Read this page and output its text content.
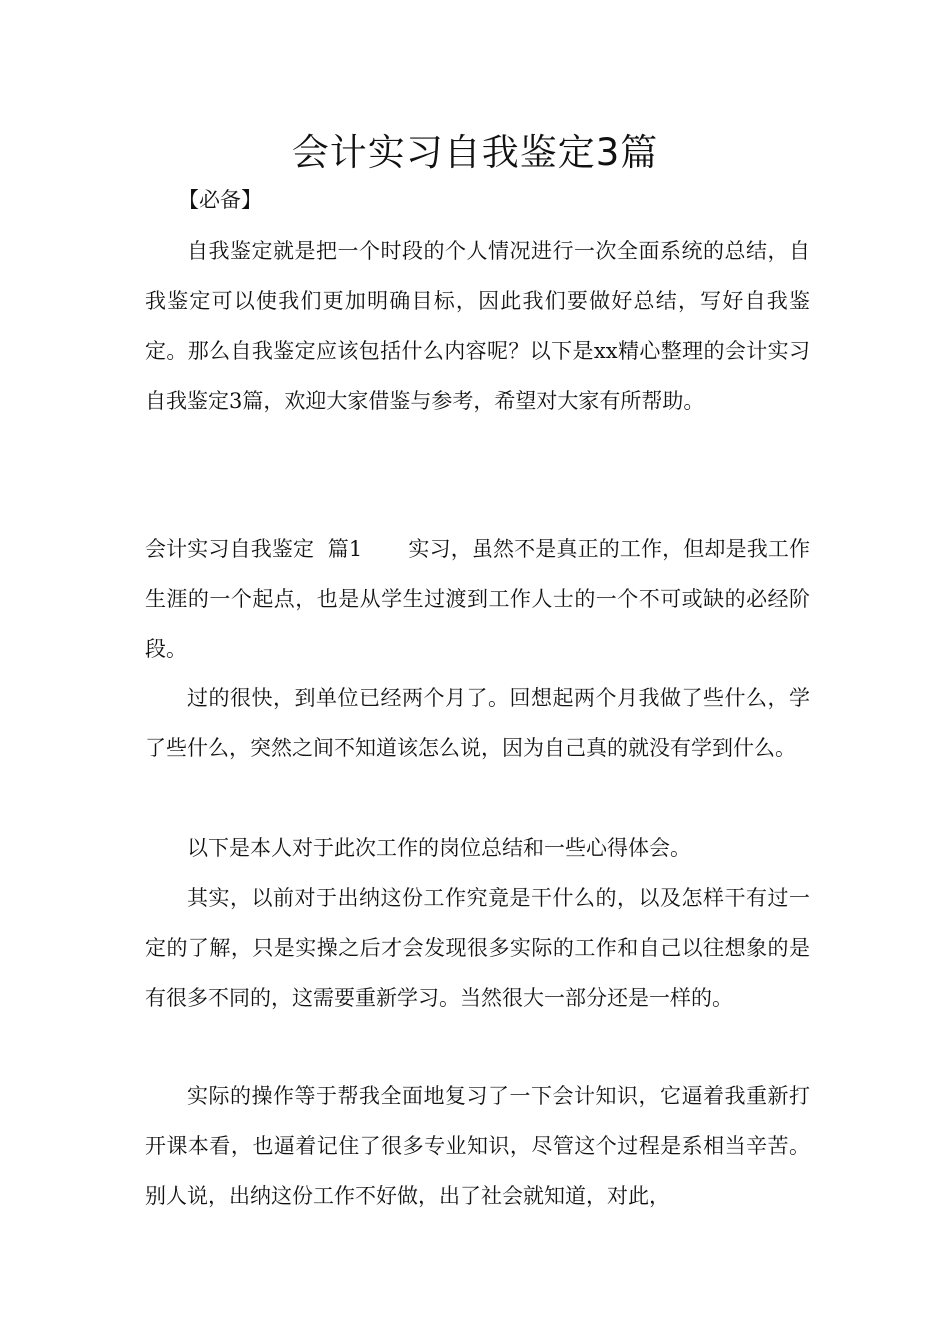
会计实习自我鉴定3篇

【必备】

自我鉴定就是把一个时段的个人情况进行一次全面系统的总结，自我鉴定可以使我们更加明确目标，因此我们要做好总结，写好自我鉴定。那么自我鉴定应该包括什么内容呢？以下是xx精心整理的会计实习自我鉴定3篇，欢迎大家借鉴与参考，希望对大家有所帮助。

会计实习自我鉴定  篇1 实习，虽然不是真正的工作，但却是我工作生涯的一个起点，也是从学生过渡到工作人士的一个不可或缺的必经阶段。

过的很快，到单位已经两个月了。回想起两个月我做了些什么，学了些什么，突然之间不知道该怎么说，因为自己真的就没有学到什么。

以下是本人对于此次工作的岗位总结和一些心得体会。

其实，以前对于出纳这份工作究竟是干什么的，以及怎样干有过一定的了解，只是实操之后才会发现很多实际的工作和自己以往想象的是有很多不同的，这需要重新学习。当然很大一部分还是一样的。

实际的操作等于帮我全面地复习了一下会计知识，它逼着我重新打开课本看，也逼着记住了很多专业知识，尽管这个过程是系相当辛苦。别人说，出纳这份工作不好做，出了社会就知道，对此，
